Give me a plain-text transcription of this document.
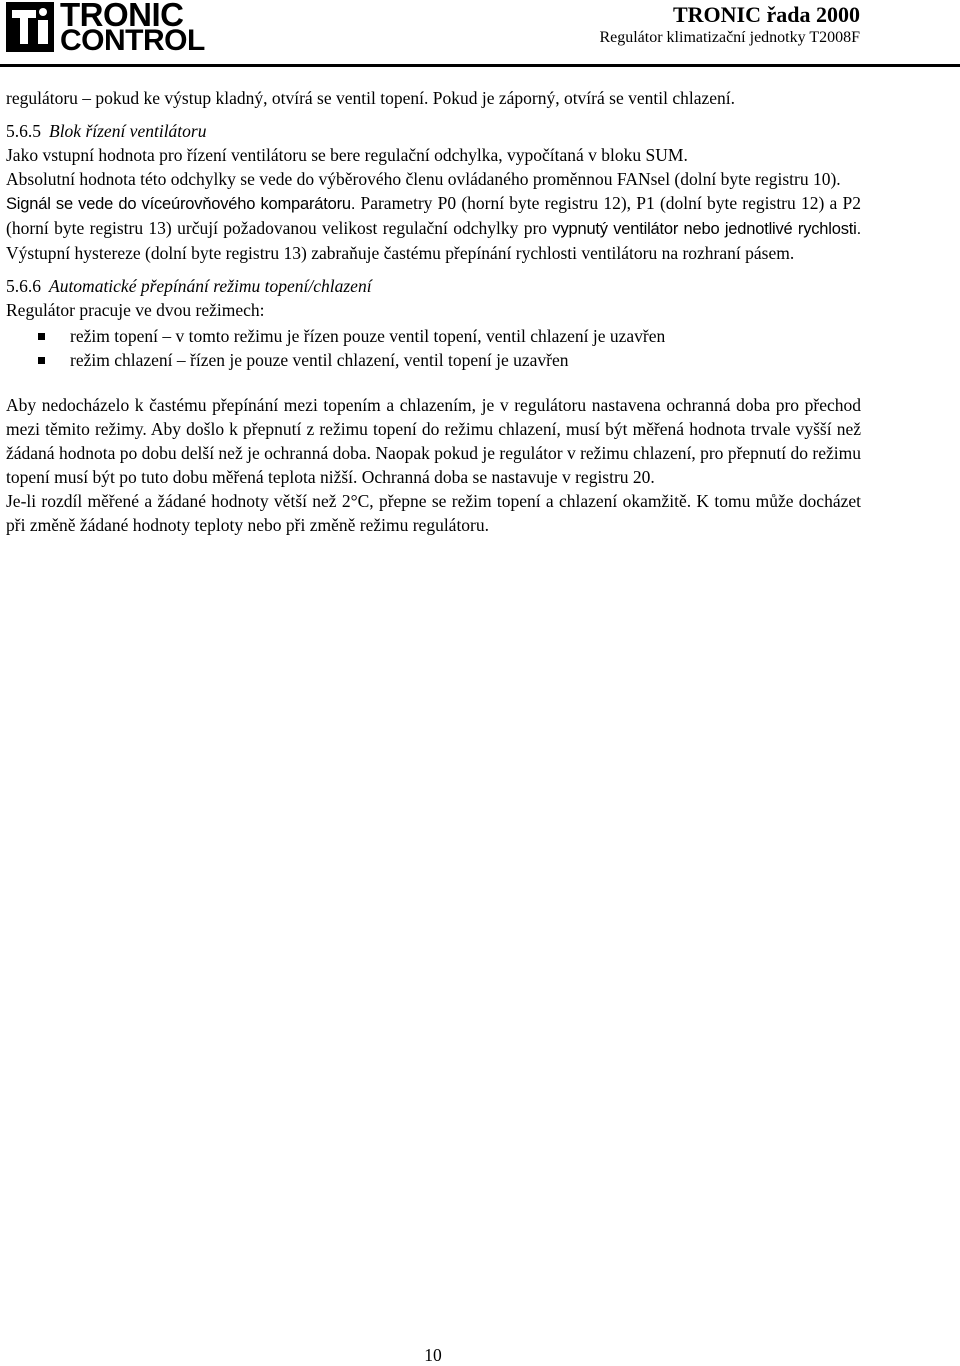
TRONIC
CONTROL
TRONIC řada 2000
Regulátor klimatizační jednotky T2008F

regulátoru – pokud ke výstup kladný, otvírá se ventil topení. Pokud je záporný, otvírá se ventil chlazení.

5.6.5 Blok řízení ventilátoru

Jako vstupní hodnota pro řízení ventilátoru se bere regulační odchylka, vypočítaná v bloku SUM.

Absolutní hodnota této odchylky se vede do výběrového členu ovládaného proměnnou FANsel (dolní byte registru 10).

Signál se vede do víceúrovňového komparátoru. Parametry P0 (horní byte registru 12), P1 (dolní byte registru 12) a P2 (horní byte registru 13) určují požadovanou velikost regulační odchylky pro vypnutý ventilátor nebo jednotlivé rychlosti. Výstupní hystereze (dolní byte registru 13) zabraňuje častému přepínání rychlosti ventilátoru na rozhraní pásem.

5.6.6 Automatické přepínání režimu topení/chlazení

Regulátor pracuje ve dvou režimech:

režim topení – v tomto režimu je řízen pouze ventil topení, ventil chlazení je uzavřen
režim chlazení – řízen je pouze ventil chlazení, ventil topení je uzavřen

Aby nedocházelo k častému přepínání mezi topením a chlazením, je v regulátoru nastavena ochranná doba pro přechod mezi těmito režimy. Aby došlo k přepnutí z režimu topení do režimu chlazení, musí být měřená hodnota trvale vyšší než žádaná hodnota po dobu delší než je ochranná doba. Naopak pokud je regulátor v režimu chlazení, pro přepnutí do režimu topení musí být po tuto dobu měřená teplota nižší. Ochranná doba se nastavuje v registru 20.

Je-li rozdíl měřené a žádané hodnoty větší než 2°C, přepne se režim topení a chlazení okamžitě. K tomu může docházet při změně žádané hodnoty teploty nebo při změně režimu regulátoru.

10
